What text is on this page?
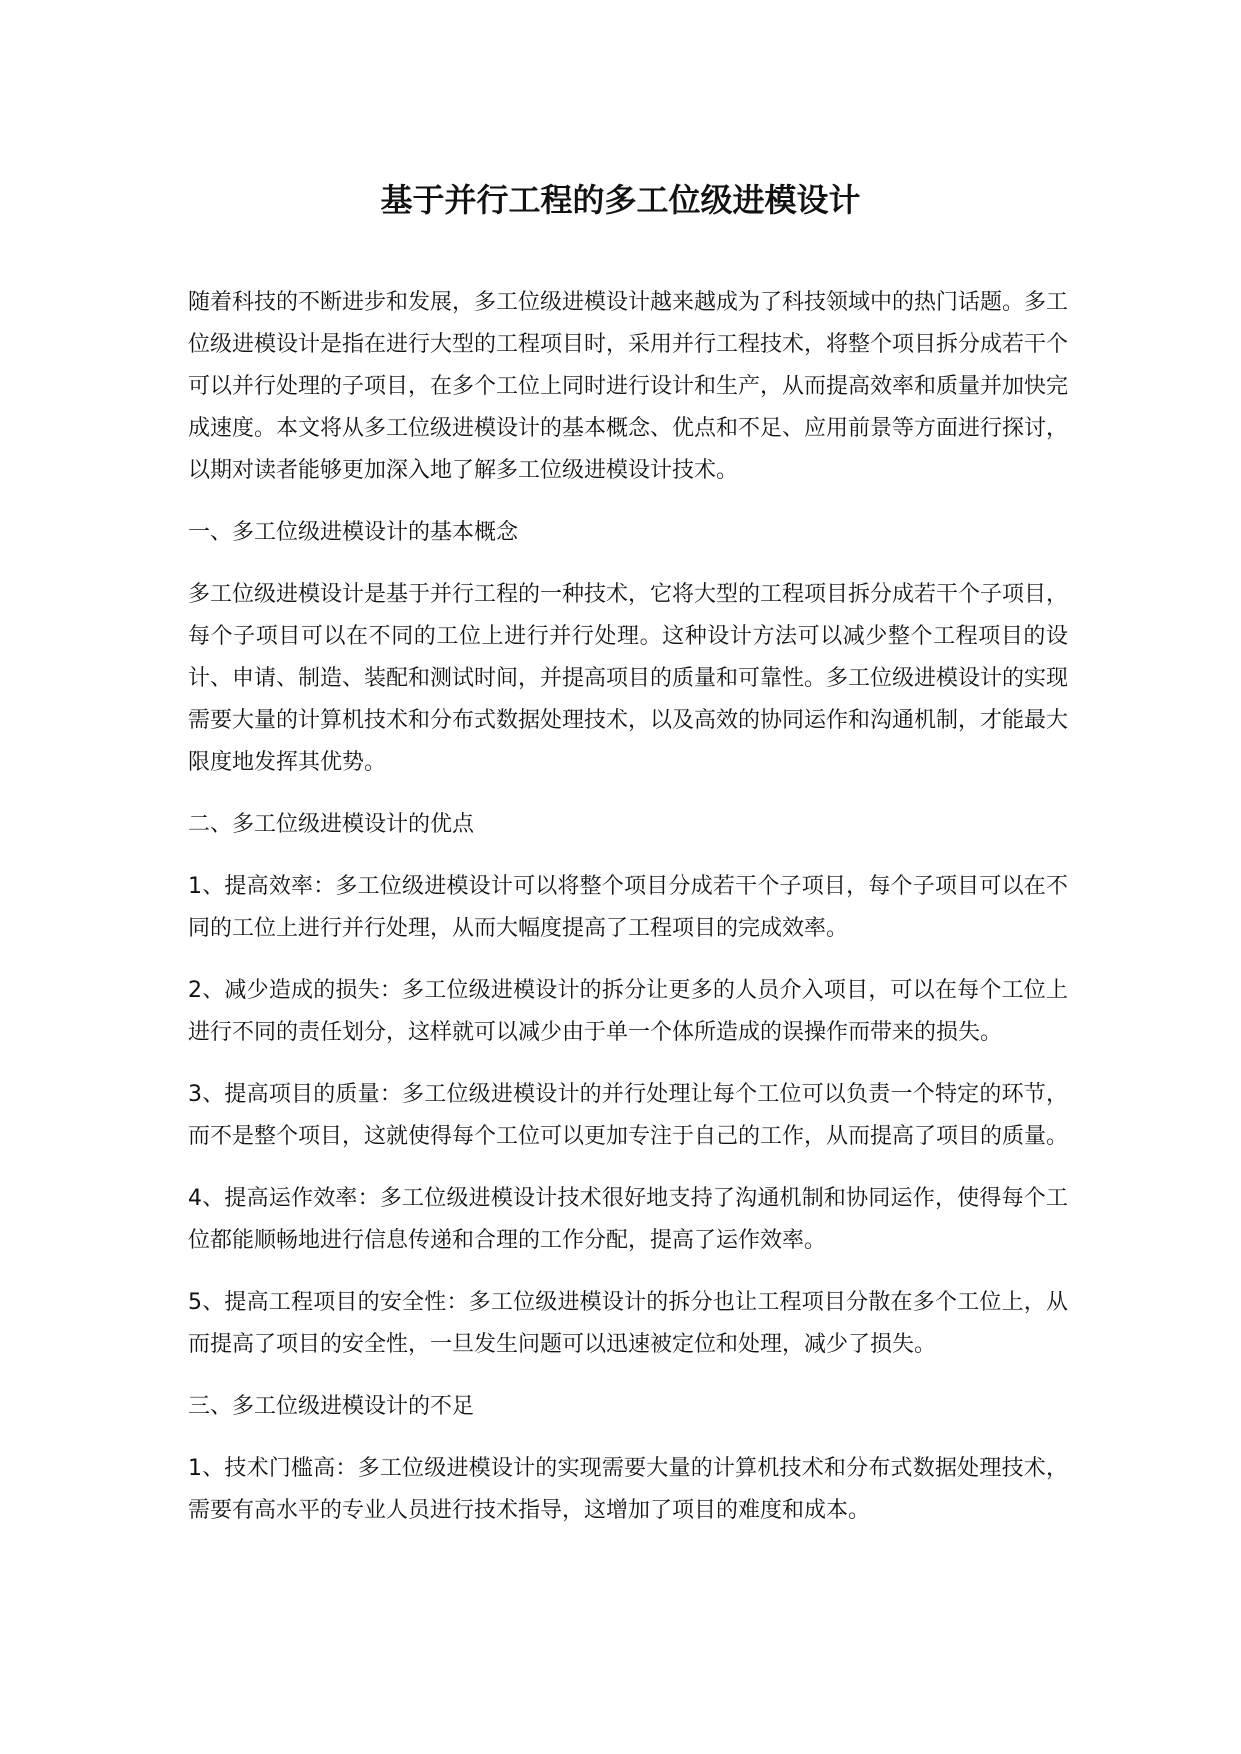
基于并行工程的多工位级进模设计

随着科技的不断进步和发展，多工位级进模设计越来越成为了科技领域中的热门话题。多工位级进模设计是指在进行大型的工程项目时，采用并行工程技术，将整个项目拆分成若干个可以并行处理的子项目，在多个工位上同时进行设计和生产，从而提高效率和质量并加快完成速度。本文将从多工位级进模设计的基本概念、优点和不足、应用前景等方面进行探讨，以期对读者能够更加深入地了解多工位级进模设计技术。

一、多工位级进模设计的基本概念

多工位级进模设计是基于并行工程的一种技术，它将大型的工程项目拆分成若干个子项目，每个子项目可以在不同的工位上进行并行处理。这种设计方法可以减少整个工程项目的设计、申请、制造、装配和测试时间，并提高项目的质量和可靠性。多工位级进模设计的实现需要大量的计算机技术和分布式数据处理技术，以及高效的协同运作和沟通机制，才能最大限度地发挥其优势。

二、多工位级进模设计的优点

1、提高效率：多工位级进模设计可以将整个项目分成若干个子项目，每个子项目可以在不同的工位上进行并行处理，从而大幅度提高了工程项目的完成效率。

2、减少造成的损失：多工位级进模设计的拆分让更多的人员介入项目，可以在每个工位上进行不同的责任划分，这样就可以减少由于单一个体所造成的误操作而带来的损失。

3、提高项目的质量：多工位级进模设计的并行处理让每个工位可以负责一个特定的环节，而不是整个项目，这就使得每个工位可以更加专注于自己的工作，从而提高了项目的质量。

4、提高运作效率：多工位级进模设计技术很好地支持了沟通机制和协同运作，使得每个工位都能顺畅地进行信息传递和合理的工作分配，提高了运作效率。

5、提高工程项目的安全性：多工位级进模设计的拆分也让工程项目分散在多个工位上，从而提高了项目的安全性，一旦发生问题可以迅速被定位和处理，减少了损失。

三、多工位级进模设计的不足

1、技术门槛高：多工位级进模设计的实现需要大量的计算机技术和分布式数据处理技术，需要有高水平的专业人员进行技术指导，这增加了项目的难度和成本。
